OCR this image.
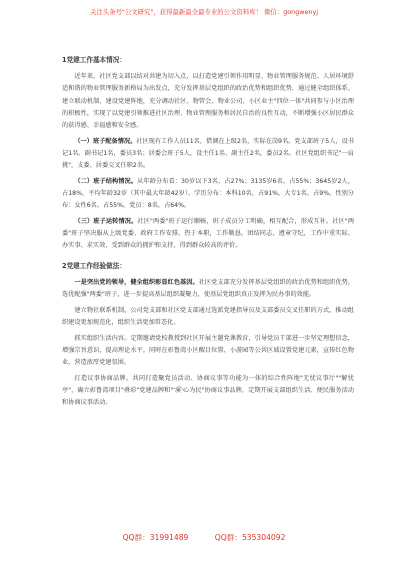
关注头条号"公文研究"，获得最新最全最专业的公文资料库！ 微信：gongwenyj

1党建工作基本情况：

近年来，社区党支部以结对共建为切入点，以打造党建引领作用明显、物业管理服务规范、人居环境舒适和谐的物业管理服务新格局为出发点，充分发挥基层党组织的政治优势和组织优势，通过健全组织体系、建立联动机制、建设党建阵地，充分调动社区、物管会、物业公司、小区业主"四位一体"共同参与小区治理的积极性，实现了以党建引领推进社区治理、物业管理服务和居民自治的良性互动，不断增强小区居民群众的获得感、幸福感和安全感。

（一）班子配备情况。社区现有工作人员11名，借调在上级2名，实际在岗9名。党支部班子5人，设书记1名、副书记1名，委员3名；居委会班子5人，设主任1名、副主任2名，委员2名。社区党组织书记"一肩挑"，支委、居委交叉任职2名。

（二）班子结构情况。从年龄分布看：30岁以下3名，占27%；3135岁6名，占55%；3645岁2人，占18%，平均年龄32岁（其中最大年龄42岁）。学历分布：本科10名，占91%，大专1名，占9%。性别分布：女性6名，占55%。党员：8名，占64%。

（三）班子运转情况。社区"两委"班子运行顺畅，班子成员分工明确，相互配合，形成互补。社区"两委"班子坚决服从上级党委、政府工作安排，热于本职，工作勤恳，团结同志，遵章守纪，工作中重实际、办实事、求实效，受到群众的拥护和支持，得到群众较高的评价。

2党建工作经验做法：

一是突出党的领导，健全组织彰显红色基因。社区党支部充分发挥基层党组织的政治优势和组织优势，选优配强"两委"班子，进一步提高基层组织凝聚力，使基层党组织真正发挥为民办事的效能。

建立物社联系机制。公司党支部和社区党支部通过选派党建指导员及支部委员交叉任职的方式，推动组织建设更加规范化，组织生活更加常态化。

抓实组织生活内容。定期邀请党校教授到社区开展主题党课教育，引导党员干部进一步坚定理想信念，增强宗旨意识，提高理论水平。同时在彰鲁湾小区醒目位置、小游园等公共区域设置党建元素，宣传红色物业，营造浓厚党建氛围。

打造议事协商品牌。共同打造聚党员活动、协商议事等功能为一体的综合性阵地"无忧议事厅""解忧亭"，确立彰鲁湾项目"叠彩"党建品牌和"'溪'心为民"协商议事品牌，定期开展支部组织生活、便民服务活动和协商议事活动。

QQ群：31991489	QQ群：535304092
